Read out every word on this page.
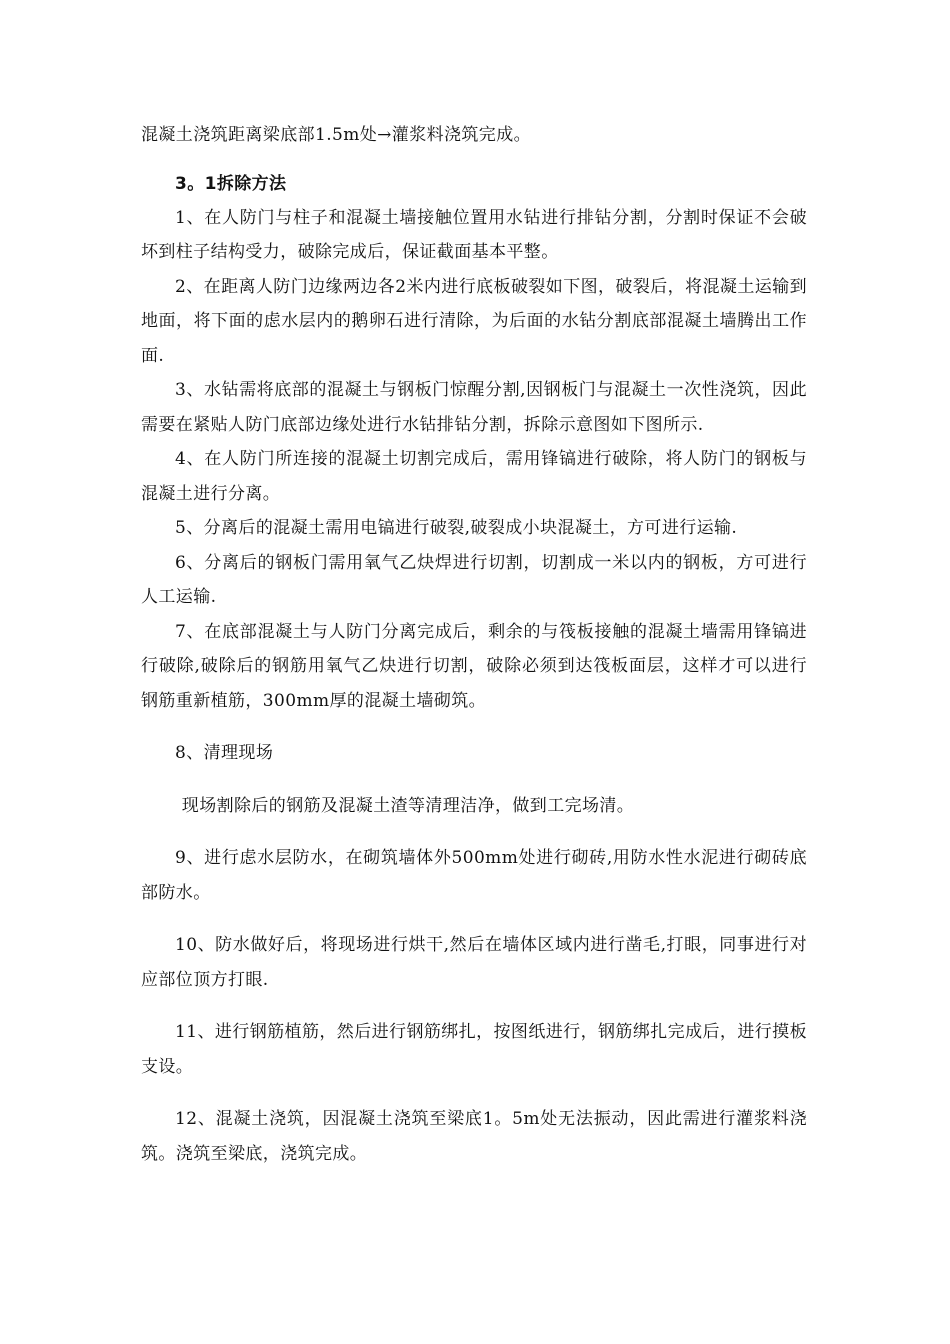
混凝土浇筑距离梁底部1.5m处→灌浆料浇筑完成。

3。1拆除方法

1、在人防门与柱子和混凝土墙接触位置用水钻进行排钻分割，分割时保证不会破坏到柱子结构受力，破除完成后，保证截面基本平整。

2、在距离人防门边缘两边各2米内进行底板破裂如下图，破裂后，将混凝土运输到地面，将下面的虑水层内的鹅卵石进行清除，为后面的水钻分割底部混凝土墙腾出工作面.

3、水钻需将底部的混凝土与钢板门惊醒分割,因钢板门与混凝土一次性浇筑，因此需要在紧贴人防门底部边缘处进行水钻排钻分割，拆除示意图如下图所示.

4、在人防门所连接的混凝土切割完成后，需用锋镐进行破除，将人防门的钢板与混凝土进行分离。

5、分离后的混凝土需用电镐进行破裂,破裂成小块混凝土，方可进行运输.

6、分离后的钢板门需用氧气乙炔焊进行切割，切割成一米以内的钢板，方可进行人工运输.

7、在底部混凝土与人防门分离完成后，剩余的与筏板接触的混凝土墙需用锋镐进行破除,破除后的钢筋用氧气乙炔进行切割，破除必须到达筏板面层，这样才可以进行钢筋重新植筋，300mm厚的混凝土墙砌筑。

8、清理现场

现场割除后的钢筋及混凝土渣等清理洁净，做到工完场清。

9、进行虑水层防水，在砌筑墙体外500mm处进行砌砖,用防水性水泥进行砌砖底部防水。

10、防水做好后，将现场进行烘干,然后在墙体区域内进行凿毛,打眼，同事进行对应部位顶方打眼.

11、进行钢筋植筋，然后进行钢筋绑扎，按图纸进行，钢筋绑扎完成后，进行摸板支设。

12、混凝土浇筑，因混凝土浇筑至梁底1。5m处无法振动，因此需进行灌浆料浇筑。浇筑至梁底，浇筑完成。
